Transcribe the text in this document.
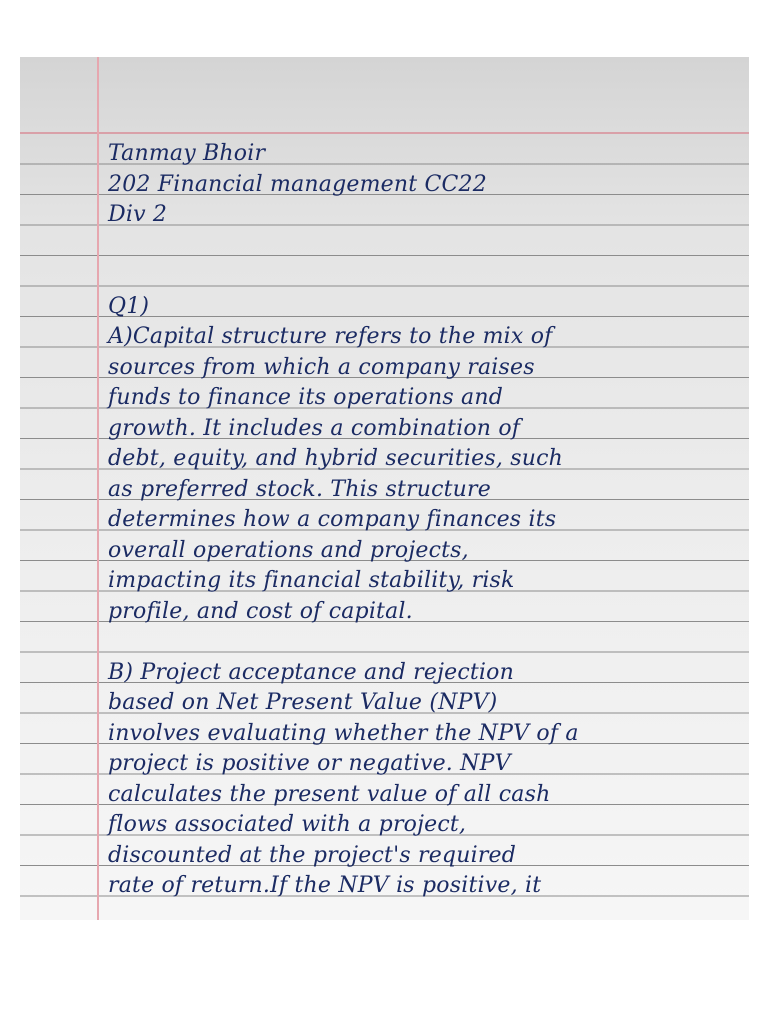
Tanmay Bhoir
202 Financial management CC22
Div 2
Q1)
A)Capital structure refers to the mix of
sources from which a company raises
funds to finance its operations and
growth. It includes a combination of
debt, equity, and hybrid securities, such
as preferred stock. This structure
determines how a company finances its
overall operations and projects,
impacting its financial stability, risk
profile, and cost of capital.
B) Project acceptance and rejection
based on Net Present Value (NPV)
involves evaluating whether the NPV of a
project is positive or negative. NPV
calculates the present value of all cash
flows associated with a project,
discounted at the project's required
rate of return.If the NPV is positive, it
